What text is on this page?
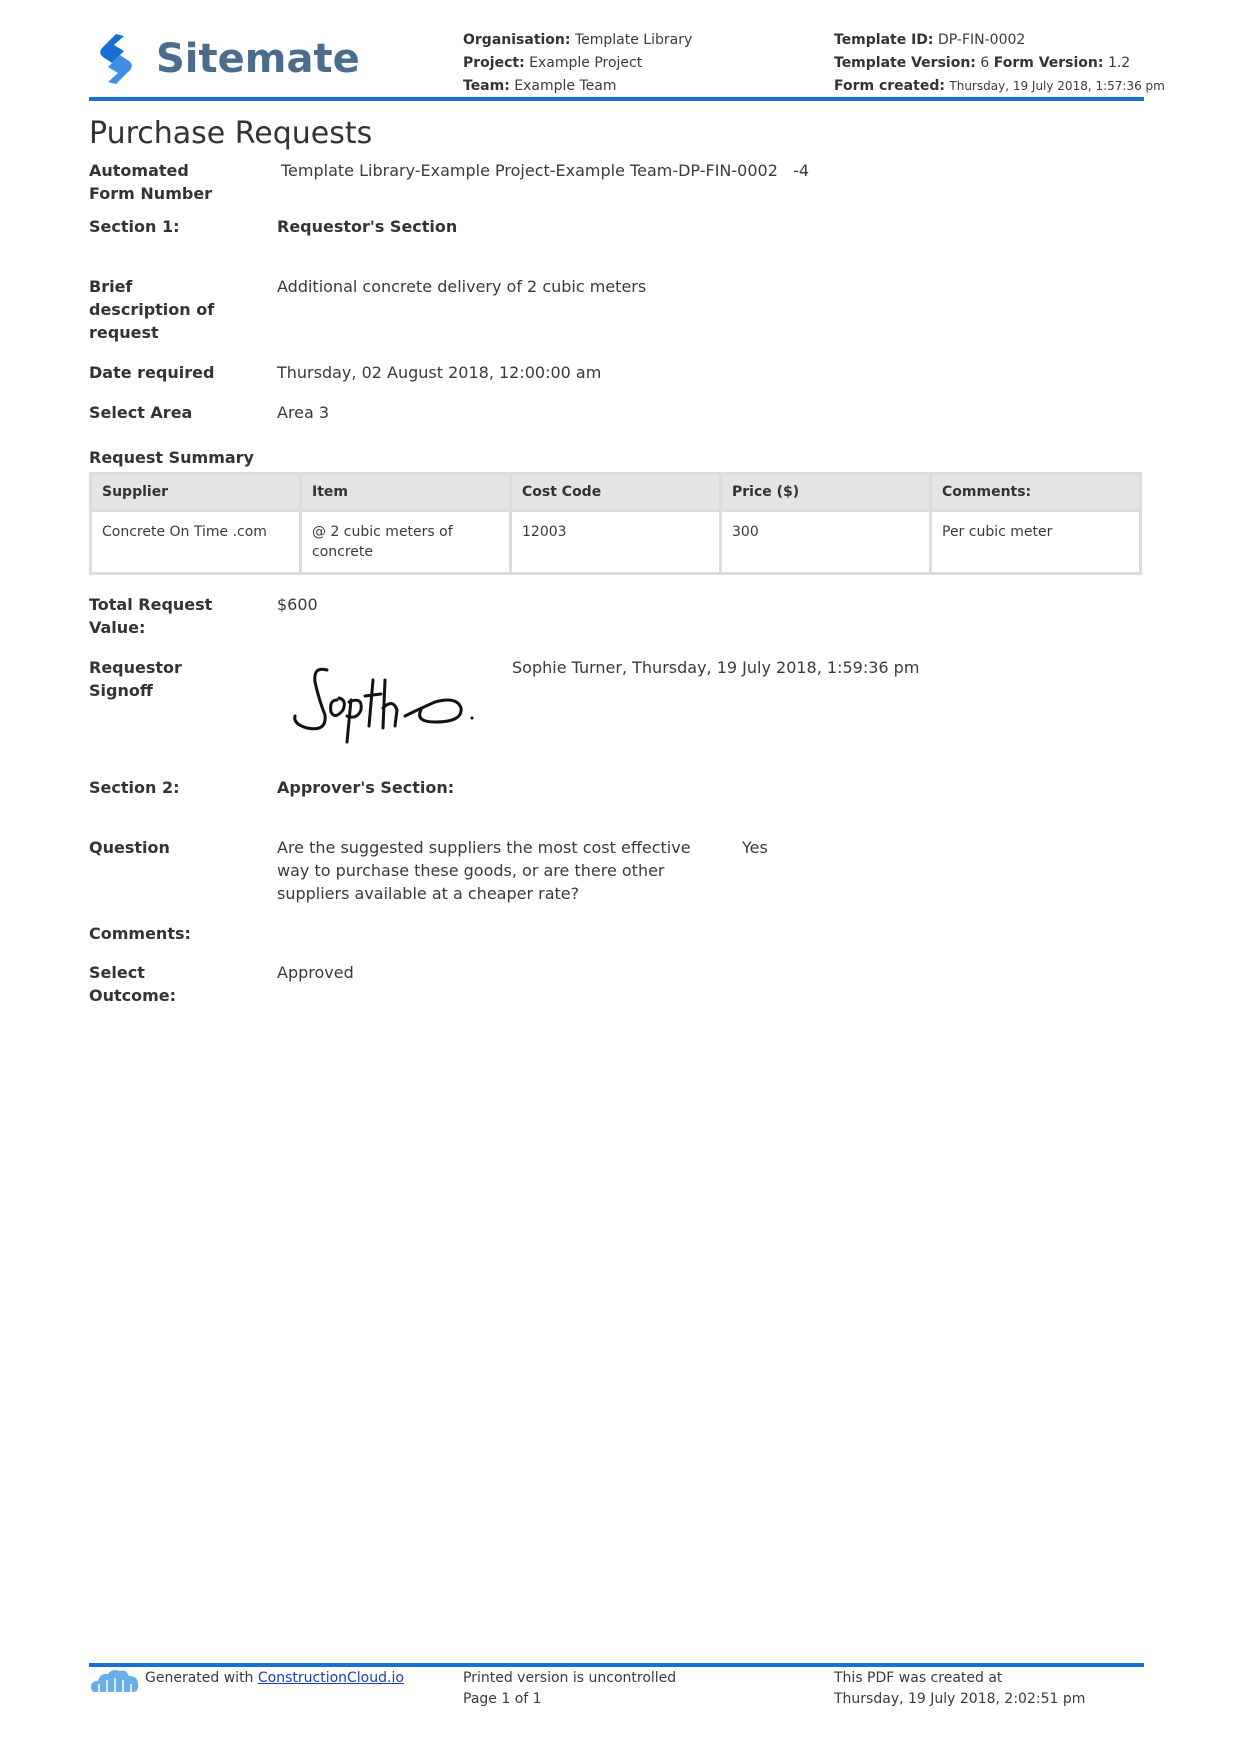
Sitemate	Organisation: Template Library
Project: Example Project
Team: Example Team
Template ID: DP-FIN-0002
Template Version: 6 Form Version: 1.2
Form created: Thursday, 19 July 2018, 1:57:36 pm
Purchase Requests
Automated Form Number
Template Library-Example Project-Example Team-DP-FIN-0002   -4
Section 1:	Requestor's Section
Brief description of request
Additional concrete delivery of 2 cubic meters
Date required	Thursday, 02 August 2018, 12:00:00 am
Select Area	Area 3
Request Summary
Supplier	Item	Cost Code	Price ($)	Comments:
Concrete On Time .com	@ 2 cubic meters of concrete	12003	300	Per cubic meter
Total Request Value:
$600
Requestor Signoff
Sophie Turner, Thursday, 19 July 2018, 1:59:36 pm
Section 2:	Approver's Section:
Question	Are the suggested suppliers the most cost effective way to purchase these goods, or are there other suppliers available at a cheaper rate?
Yes
Comments:
Select Outcome:
Approved
Generated with ConstructionCloud.io	Printed version is uncontrolled
Page 1 of 1
This PDF was created at
Thursday, 19 July 2018, 2:02:51 pm
